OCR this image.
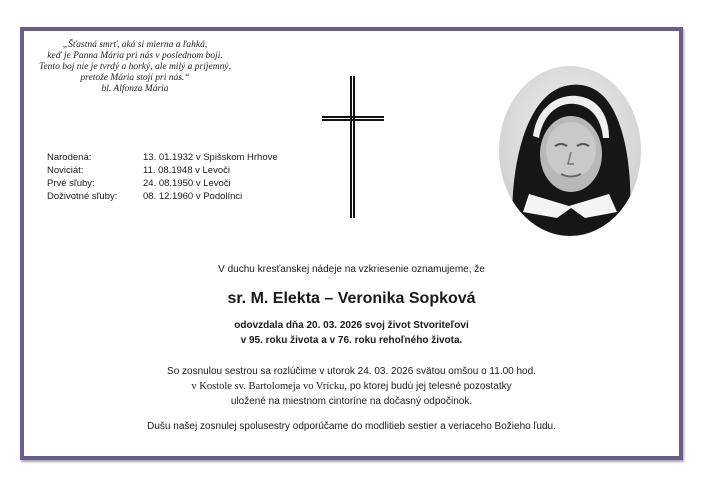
„Šťastná smrť, aká si mierna a ľahká,
keď je Panna Mária pri nás v poslednom boji.
Tento boj nie je tvrdý a horký, ale milý a príjemný,
pretože Mária stojí pri nás.“
bl. Alfonza Mária
Narodená:	13. 01.1932 v Spišskom Hrhove
Noviciát:	11. 08.1948 v Levoči
Prvé sľuby:	24. 08.1950 v Levoči
Doživotné sľuby:	08. 12.1960 v Podolínci
V duchu kresťanskej nádeje na vzkriesenie oznamujeme, že
sr. M. Elekta – Veronika Sopková
odovzdala dňa 20. 03. 2026 svoj život Stvoriteľovi
v 95. roku života a v 76. roku rehoľného života.
So zosnulou sestrou sa rozlúčime v utorok 24. 03. 2026 svätou omšou o 11.00 hod.
v Kostole sv. Bartolomeja vo Vrícku, po ktorej budú jej telesné pozostatky
uložené na miestnom cintoríne na dočasný odpočinok.
Dušu našej zosnulej spolusestry odporúčame do modlitieb sestier a veriaceho Božieho ľudu.
